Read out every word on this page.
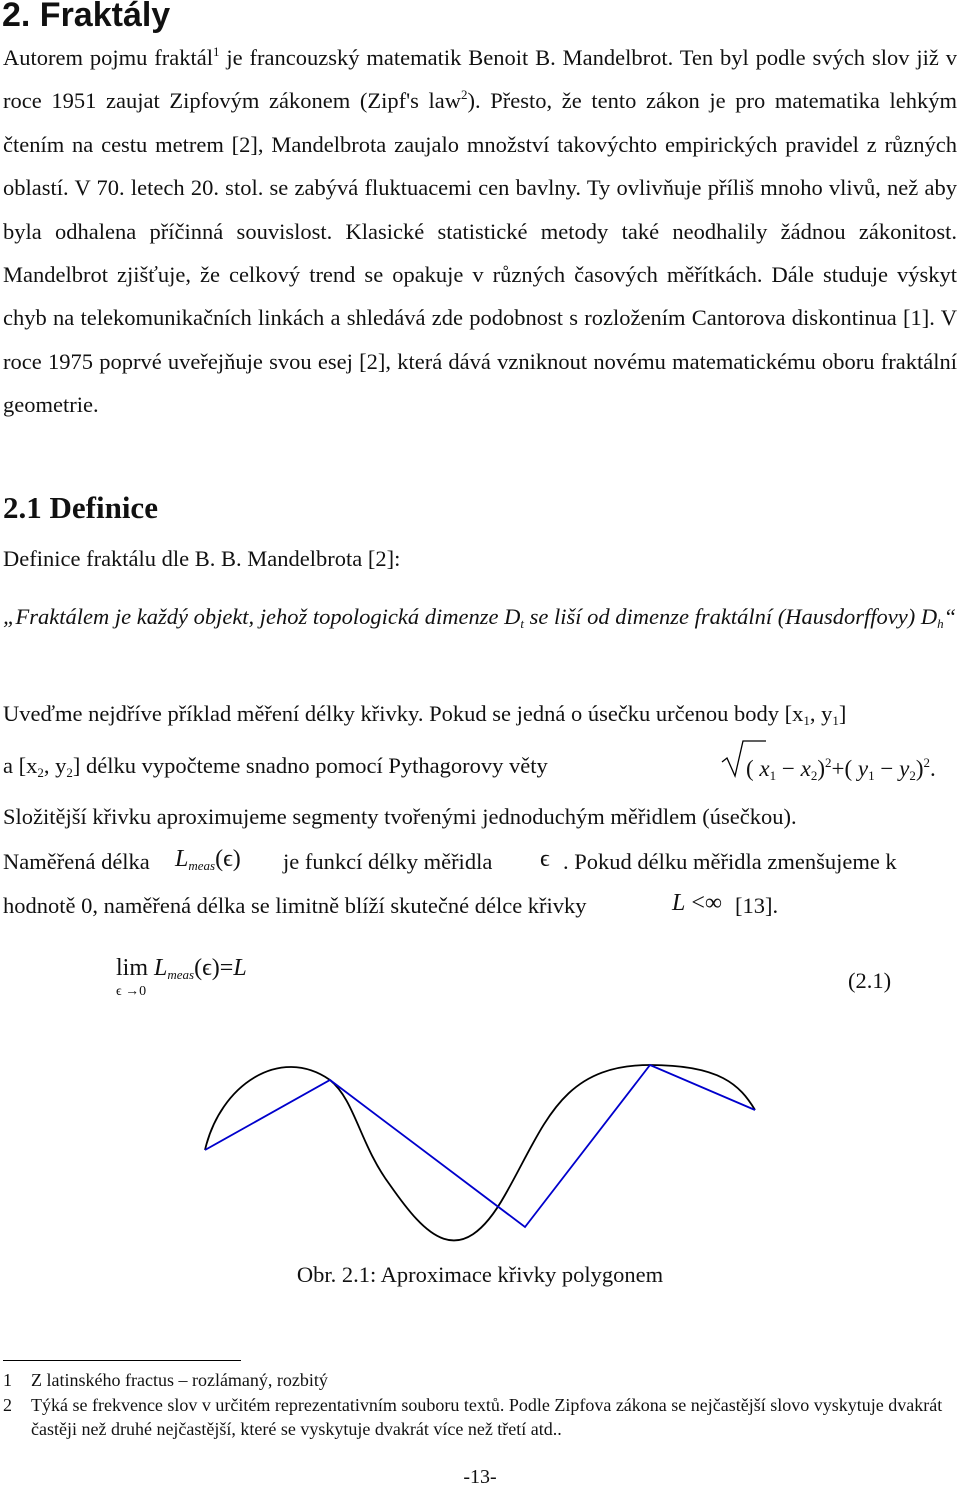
2. Fraktály

Autorem pojmu fraktál$^1$ je francouzský matematik Benoit B. Mandelbrot. Ten byl podle svých slov již v roce 1951 zaujat Zipfovým zákonem (Zipf's law$^2$). Přesto, že tento zákon je pro matematika lehkým čtením na cestu metrem [2], Mandelbrota zaujalo množství takovýchto empirických pravidel z různých oblastí. V 70. letech 20. stol. se zabývá fluktuacemi cen bavlny. Ty ovlivňuje příliš mnoho vlivů, než aby byla odhalena příčinná souvislost. Klasické statistické metody také neodhalily žádnou zákonitost. Mandelbrot zjišťuje, že celkový trend se opakuje v různých časových měřítkách. Dále studuje výskyt chyb na telekomunikačních linkách a shledává zde podobnost s rozložením Cantorova diskontinua [1]. V roce 1975 poprvé uveřejňuje svou esej [2], která dává vzniknout novému matematickému oboru fraktální geometrie.

2.1 Definice
Definice fraktálu dle B. B. Mandelbrota [2]:
„Fraktálem je každý objekt, jehož topologická dimenze $D_t$ se liší od dimenze fraktální (Hausdorffovy) $D_h“$
Uveďme nejdříve příklad měření délky křivky. Pokud se jedná o úsečku určenou body [$x_1$, $y_1$]
a [$x_2$, $y_2$] délku vypočteme snadno pomocí Pythagorovy věty	( $x_1 - x_2)^2+$( $y_1 - y_2)^2$.
Složitější křivku aproximujeme segmenty tvořenými jednoduchým měřidlem (úsečkou).
Naměřená délka $L_{meas}(\epsilon)$ je funkcí délky měřidla ϵ . Pokud délku měřidla zmenšujeme k
hodnotě 0, naměřená délka se limitně blíží skutečné délce křivky	L <∞ [13].
$\lim L_{meas}(\epsilon)=L$
ϵ →0	(2.1)
Obr. 2.1: Aproximace křivky polygonem
1 Z latinského fractus – rozlámaný, rozbitý
2 Týká se frekvence slov v určitém reprezentativním souboru textů. Podle Zipfova zákona se nejčastější slovo vyskytuje dvakrát častěji než druhé nejčastější, které se vyskytuje dvakrát více než třetí atd..
-13-
